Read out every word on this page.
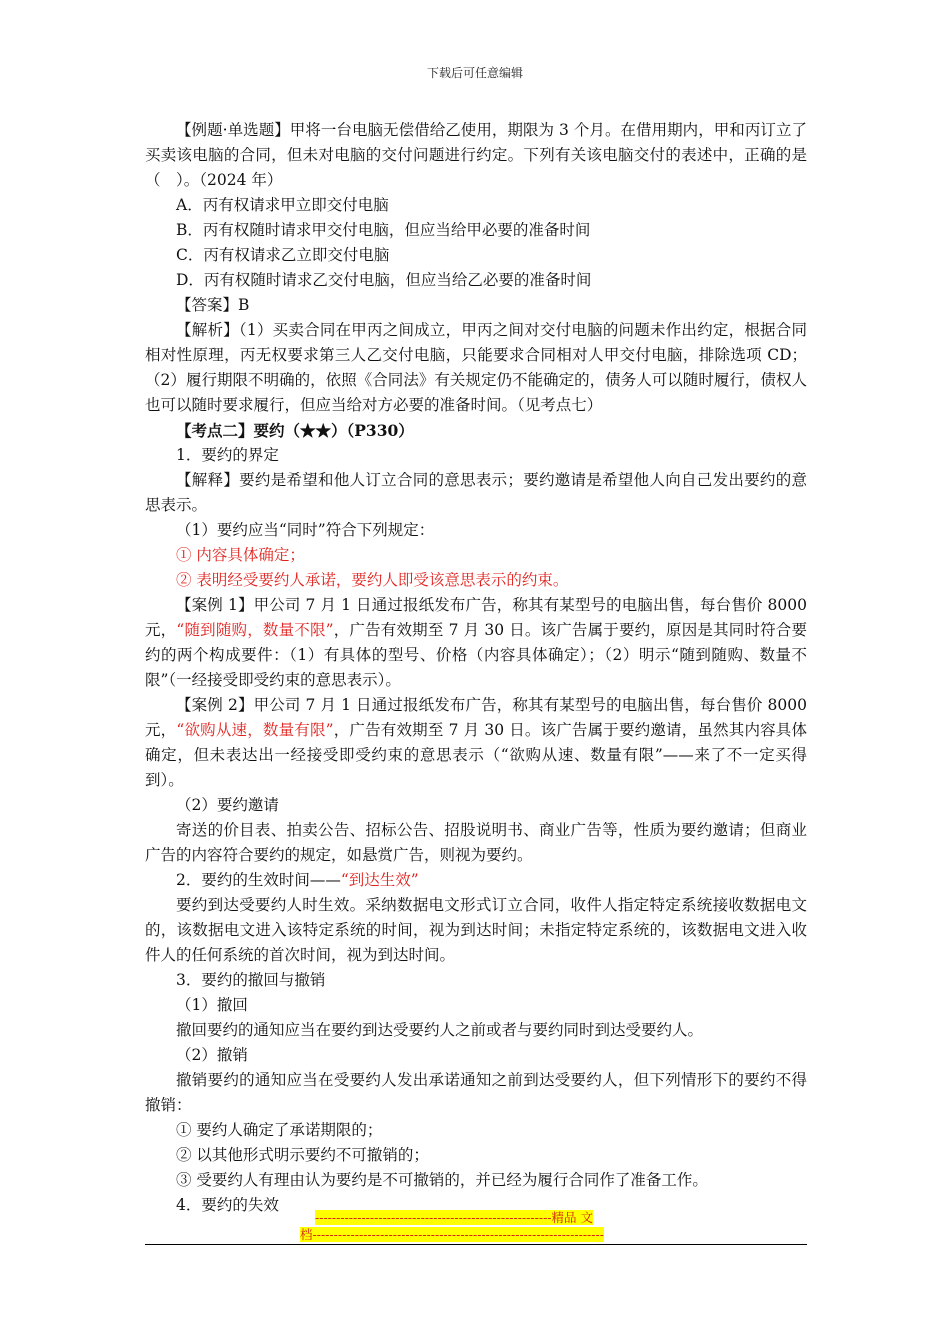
下载后可任意编辑

【例题·单选题】甲将一台电脑无偿借给乙使用，期限为 3 个月。在借用期内，甲和丙订立了买卖该电脑的合同，但未对电脑的交付问题进行约定。下列有关该电脑交付的表述中，正确的是（　）。（2024 年）

A．丙有权请求甲立即交付电脑

B．丙有权随时请求甲交付电脑，但应当给甲必要的准备时间

C．丙有权请求乙立即交付电脑

D．丙有权随时请求乙交付电脑，但应当给乙必要的准备时间

【答案】B

【解析】（1）买卖合同在甲丙之间成立，甲丙之间对交付电脑的问题未作出约定，根据合同相对性原理，丙无权要求第三人乙交付电脑，只能要求合同相对人甲交付电脑，排除选项 CD；（2）履行期限不明确的，依照《合同法》有关规定仍不能确定的，债务人可以随时履行，债权人也可以随时要求履行，但应当给对方必要的准备时间。（见考点七）

【考点二】要约（★★）（P330）

1．要约的界定

【解释】要约是希望和他人订立合同的意思表示；要约邀请是希望他人向自己发出要约的意思表示。

（1）要约应当“同时”符合下列规定：

① 内容具体确定；

② 表明经受要约人承诺，要约人即受该意思表示的约束。

【案例 1】甲公司 7 月 1 日通过报纸发布广告，称其有某型号的电脑出售，每台售价 8000 元，“随到随购，数量不限”，广告有效期至 7 月 30 日。该广告属于要约，原因是其同时符合要约的两个构成要件：（1）有具体的型号、价格（内容具体确定）；（2）明示“随到随购、数量不限”（一经接受即受约束的意思表示）。

【案例 2】甲公司 7 月 1 日通过报纸发布广告，称其有某型号的电脑出售，每台售价 8000 元，“欲购从速，数量有限”，广告有效期至 7 月 30 日。该广告属于要约邀请，虽然其内容具体确定，但未表达出一经接受即受约束的意思表示（“欲购从速、数量有限”——来了不一定买得到）。

（2）要约邀请

寄送的价目表、拍卖公告、招标公告、招股说明书、商业广告等，性质为要约邀请；但商业广告的内容符合要约的规定，如悬赏广告，则视为要约。

2．要约的生效时间——“到达生效”

要约到达受要约人时生效。采纳数据电文形式订立合同，收件人指定特定系统接收数据电文的，该数据电文进入该特定系统的时间，视为到达时间；未指定特定系统的，该数据电文进入收件人的任何系统的首次时间，视为到达时间。

3．要约的撤回与撤销

（1）撤回

撤回要约的通知应当在要约到达受要约人之前或者与要约同时到达受要约人。

（2）撤销

撤销要约的通知应当在受要约人发出承诺通知之前到达受要约人，但下列情形下的要约不得撤销：

① 要约人确定了承诺期限的；

② 以其他形式明示要约不可撤销的；

③ 受要约人有理由认为要约是不可撤销的，并已经为履行合同作了准备工作。

4．要约的失效

--------------------------------------------------------精品 文
档---------------------------------------------------------------------
